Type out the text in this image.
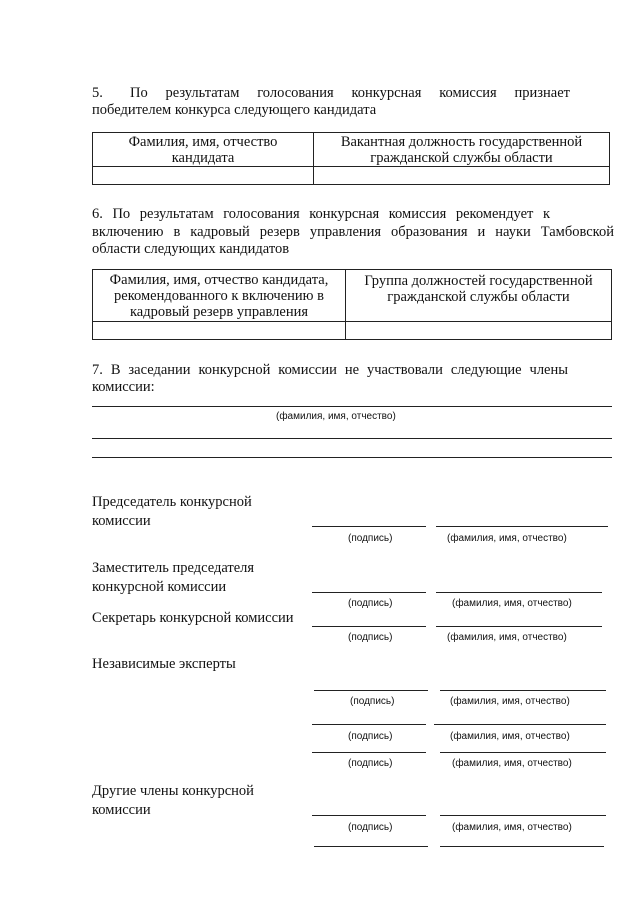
5. По результатам голосования конкурсная комиссия признает
победителем конкурса следующего кандидата
Фамилия, имя, отчество кандидата	Вакантная должность государственной гражданской службы области

6. По результатам голосования конкурсная комиссия рекомендует к
включению в кадровый резерв управления образования и науки Тамбовской
области следующих кандидатов
Фамилия, имя, отчество кандидата, рекомендованного к включению в кадровый резерв управления	Группа должностей государственной гражданской службы области

7. В заседании конкурсной комиссии не участвовали следующие члены
комиссии:
(фамилия, имя, отчество)
Председатель конкурсной комиссии
(подпись)	(фамилия, имя, отчество)
Заместитель председателя конкурсной комиссии
(подпись)	(фамилия, имя, отчество)
Секретарь конкурсной комиссии
(подпись)	(фамилия, имя, отчество)
Независимые эксперты
(подпись)	(фамилия, имя, отчество)
(подпись)	(фамилия, имя, отчество)
(подпись)	(фамилия, имя, отчество)
Другие члены конкурсной комиссии
(подпись)	(фамилия, имя, отчество)
